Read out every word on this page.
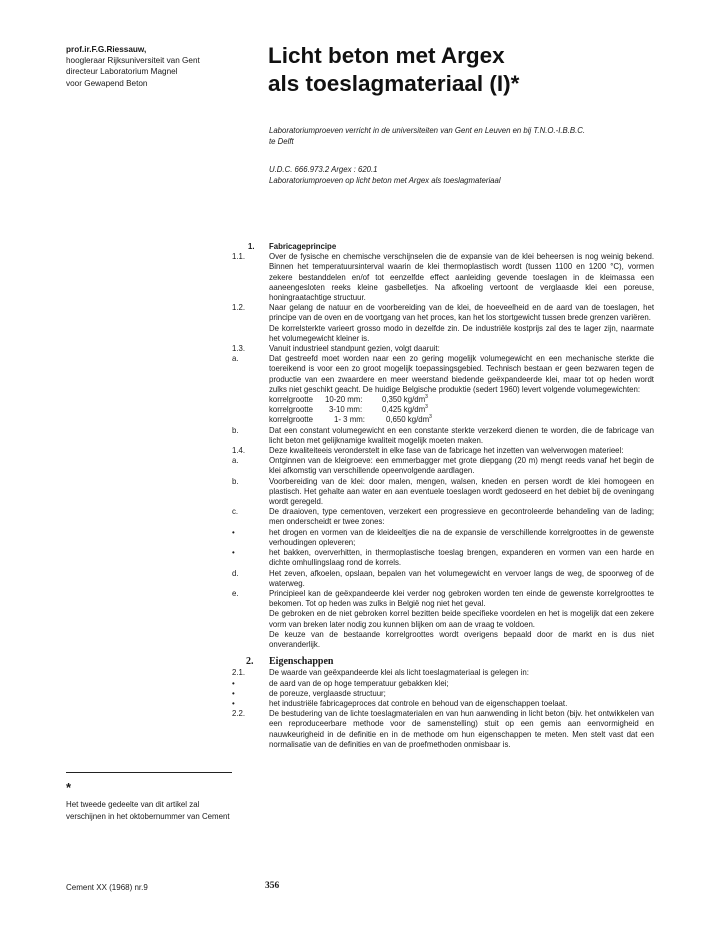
prof.ir.F.G.Riessauw,
hoogleraar Rijksuniversiteit van Gent
directeur Laboratorium Magnel
voor Gewapend Beton
Licht beton met Argex
als toeslagmateriaal (I)*
Laboratoriumproeven verricht in de universiteiten van Gent en Leuven en bij T.N.O.-I.B.B.C.
te Delft
U.D.C. 666.973.2 Argex : 620.1
Laboratoriumproeven op licht beton met Argex als toeslagmateriaal
1.	Fabricageprincipe
1.1.	Over de fysische en chemische verschijnselen die de expansie van de klei beheersen is nog weinig bekend. Binnen het temperatuursinterval waarin de klei thermoplastisch wordt (tussen 1100 en 1200 °C), vormen zekere bestanddelen en/of tot eenzelfde effect aanleiding gevende toeslagen in de kleimassa een aaneengesloten reeks kleine gasbelletjes. Na afkoeling vertoont de verglaasde klei een poreuse, honingraatachtige structuur.
1.2.	Naar gelang de natuur en de voorbereiding van de klei, de hoeveelheid en de aard van de toeslagen, het principe van de oven en de voortgang van het proces, kan het los stortgewicht tussen brede grenzen variëren.
De korrelsterkte varieert grosso modo in dezelfde zin. De industriële kostprijs zal des te lager zijn, naarmate het volumegewicht kleiner is.
1.3.	Vanuit industrieel standpunt gezien, volgt daaruit:
a.	Dat gestreefd moet worden naar een zo gering mogelijk volumegewicht en een mechanische sterkte die toereikend is voor een zo groot mogelijk toepassingsgebied. Technisch bestaan er geen bezwaren tegen de productie van een zwaardere en meer weerstand biedende geëxpandeerde klei, maar tot op heden wordt zulks niet geschikt geacht. De huidige Belgische produktie (sedert 1960) levert volgende volumegewichten:
korrelgrootte 10-20 mm: 0,350 $kg/dm^3$
korrelgrootte 3-10 mm:	0,425 $kg/dm^3$
korrelgrootte	1- 3 mm:	0,650 $kg/dm^3$
b.	Dat een constant volumegewicht en een constante sterkte verzekerd dienen te worden, die de fabricage van licht beton met gelijknamige kwaliteit mogelijk moeten maken.
1.4.	Deze kwaliteiteeis veronderstelt in elke fase van de fabricage het inzetten van welverwogen materieel:
a.	Ontginnen van de kleigroeve: een emmerbagger met grote diepgang (20 m) mengt reeds vanaf het begin de klei afkomstig van verschillende opeenvolgende aardlagen.
b.	Voorbereiding van de klei: door malen, mengen, walsen, kneden en persen wordt de klei homogeen en plastisch. Het gehalte aan water en aan eventuele toeslagen wordt gedoseerd en het debiet bij de oveningang wordt geregeld.
c.	De draaioven, type cementoven, verzekert een progressieve en gecontroleerde behandeling van de lading; men onderscheidt er twee zones:
•	het drogen en vormen van de kleideeltjes die na de expansie de verschillende korrelgroottes in de gewenste verhoudingen opleveren;
•	het bakken, oververhitten, in thermoplastische toeslag brengen, expanderen en vormen van een harde en dichte omhullingslaag rond de korrels.
d.	Het zeven, afkoelen, opslaan, bepalen van het volumegewicht en vervoer langs de weg, de spoorweg of de waterweg.
e.	Principieel kan de geëxpandeerde klei verder nog gebroken worden ten einde de gewenste korrelgroottes te bekomen. Tot op heden was zulks in België nog niet het geval.
De gebroken en de niet gebroken korrel bezitten beide specifieke voordelen en het is mogelijk dat een zekere vorm van breken later nodig zou kunnen blijken om aan de vraag te voldoen.
De keuze van de bestaande korrelgroottes wordt overigens bepaald door de markt en is dus niet onveranderlijk.
2.	Eigenschappen
2.1.	De waarde van geëxpandeerde klei als licht toeslagmateriaal is gelegen in:
•	de aard van de op hoge temperatuur gebakken klei;
•	de poreuze, verglaasde structuur;
•	het industriële fabricageproces dat controle en behoud van de eigenschappen toelaat.
2.2.	De bestudering van de lichte toeslagmaterialen en van hun aanwending in licht beton (bijv. het ontwikkelen van een reproduceerbare methode voor de samenstelling) stuit op een gemis aan eenvormigheid en nauwkeurigheid in de definitie en in de methode om hun eigenschappen te meten. Men stelt vast dat een normalisatie van de definities en van de proefmethoden onmisbaar is.
*
Het tweede gedeelte van dit artikel zal verschijnen in het oktobernummer van Cement
Cement XX (1968) nr.9	356
